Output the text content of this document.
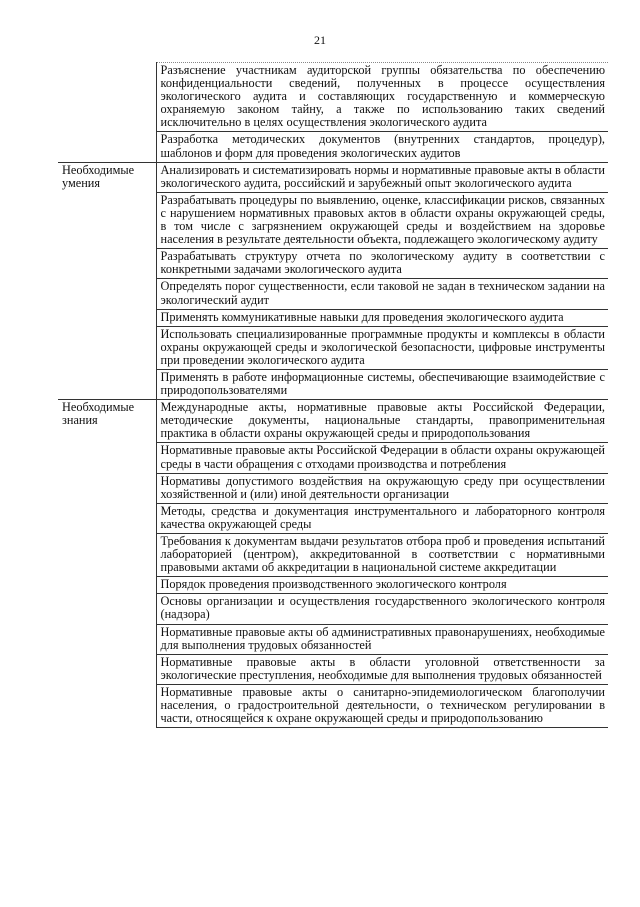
21
	Разъяснение участникам аудиторской группы обязательства по обеспечению конфиденциальности сведений, полученных в процессе осуществления экологического аудита и составляющих государственную и коммерческую охраняемую законом тайну, а также по использованию таких сведений исключительно в целях осуществления экологического аудита
	Разработка методических документов (внутренних стандартов, процедур), шаблонов и форм для проведения экологических аудитов
Необходимые умения	Анализировать и систематизировать нормы и нормативные правовые акты в области экологического аудита, российский и зарубежный опыт экологического аудита
	Разрабатывать процедуры по выявлению, оценке, классификации рисков, связанных с нарушением нормативных правовых актов в области охраны окружающей среды, в том числе с загрязнением окружающей среды и воздействием на здоровье населения в результате деятельности объекта, подлежащего экологическому аудиту
	Разрабатывать структуру отчета по экологическому аудиту в соответствии с конкретными задачами экологического аудита
	Определять порог существенности, если таковой не задан в техническом задании на экологический аудит
	Применять коммуникативные навыки для проведения экологического аудита
	Использовать специализированные программные продукты и комплексы в области охраны окружающей среды и экологической безопасности, цифровые инструменты при проведении экологического аудита
	Применять в работе информационные системы, обеспечивающие взаимодействие с природопользователями
Необходимые знания	Международные акты, нормативные правовые акты Российской Федерации, методические документы, национальные стандарты, правоприменительная практика в области охраны окружающей среды и природопользования
	Нормативные правовые акты Российской Федерации в области охраны окружающей среды в части обращения с отходами производства и потребления
	Нормативы допустимого воздействия на окружающую среду при осуществлении хозяйственной и (или) иной деятельности организации
	Методы, средства и документация инструментального и лабораторного контроля качества окружающей среды
	Требования к документам выдачи результатов отбора проб и проведения испытаний лабораторией (центром), аккредитованной в соответствии с нормативными правовыми актами об аккредитации в национальной системе аккредитации
	Порядок проведения производственного экологического контроля
	Основы организации и осуществления государственного экологического контроля (надзора)
	Нормативные правовые акты об административных правонарушениях, необходимые для выполнения трудовых обязанностей
	Нормативные правовые акты в области уголовной ответственности за экологические преступления, необходимые для выполнения трудовых обязанностей
	Нормативные правовые акты о санитарно-эпидемиологическом благополучии населения, о градостроительной деятельности, о техническом регулировании в части, относящейся к охране окружающей среды и природопользованию
